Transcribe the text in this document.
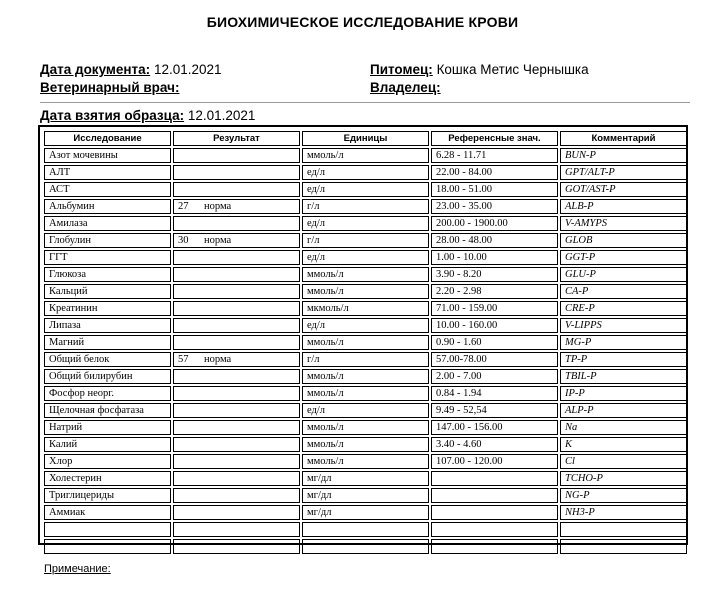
БИОХИМИЧЕСКОЕ ИССЛЕДОВАНИЕ КРОВИ
Дата документа: 12.01.2021	Питомец: Кошка Метис Чернышка
Ветеринарный врач:	Владелец:
Дата взятия образца: 12.01.2021
Исследование	Результат	Единицы	Референсные знач.	Комментарий
Азот мочевины		ммоль/л	6.28 - 11.71	BUN-P
АЛТ		ед/л	22.00 - 84.00	GPT/ALT-P
АСТ		ед/л	18.00 - 51.00	GOT/AST-P
Альбумин	27 норма	г/л	23.00 - 35.00	ALB-P
Амилаза		ед/л	200.00 - 1900.00	V-AMYPS
Глобулин	30 норма	г/л	28.00 - 48.00	GLOB
ГГТ		ед/л	1.00 - 10.00	GGT-P
Глюкоза		ммоль/л	3.90 - 8.20	GLU-P
Кальций		ммоль/л	2.20 - 2.98	CA-P
Креатинин		мкмоль/л	71.00 - 159.00	CRE-P
Липаза		ед/л	10.00 - 160.00	V-LIPPS
Магний		ммоль/л	0.90 - 1.60	MG-P
Общий белок	57 норма	г/л	57.00-78.00	TP-P
Общий билирубин		ммоль/л	2.00 - 7.00	TBIL-P
Фосфор неорг.		ммоль/л	0.84 - 1.94	IP-P
Щелочная фосфатаза		ед/л	9.49 - 52,54	ALP-P
Натрий		ммоль/л	147.00 - 156.00	Na
Калий		ммоль/л	3.40 - 4.60	K
Хлор		ммоль/л	107.00 - 120.00	Cl
Холестерин		мг/дл		TCHO-P
Триглицериды		мг/дл		NG-P
Аммиак		мг/дл		NH3-P

Примечание:
